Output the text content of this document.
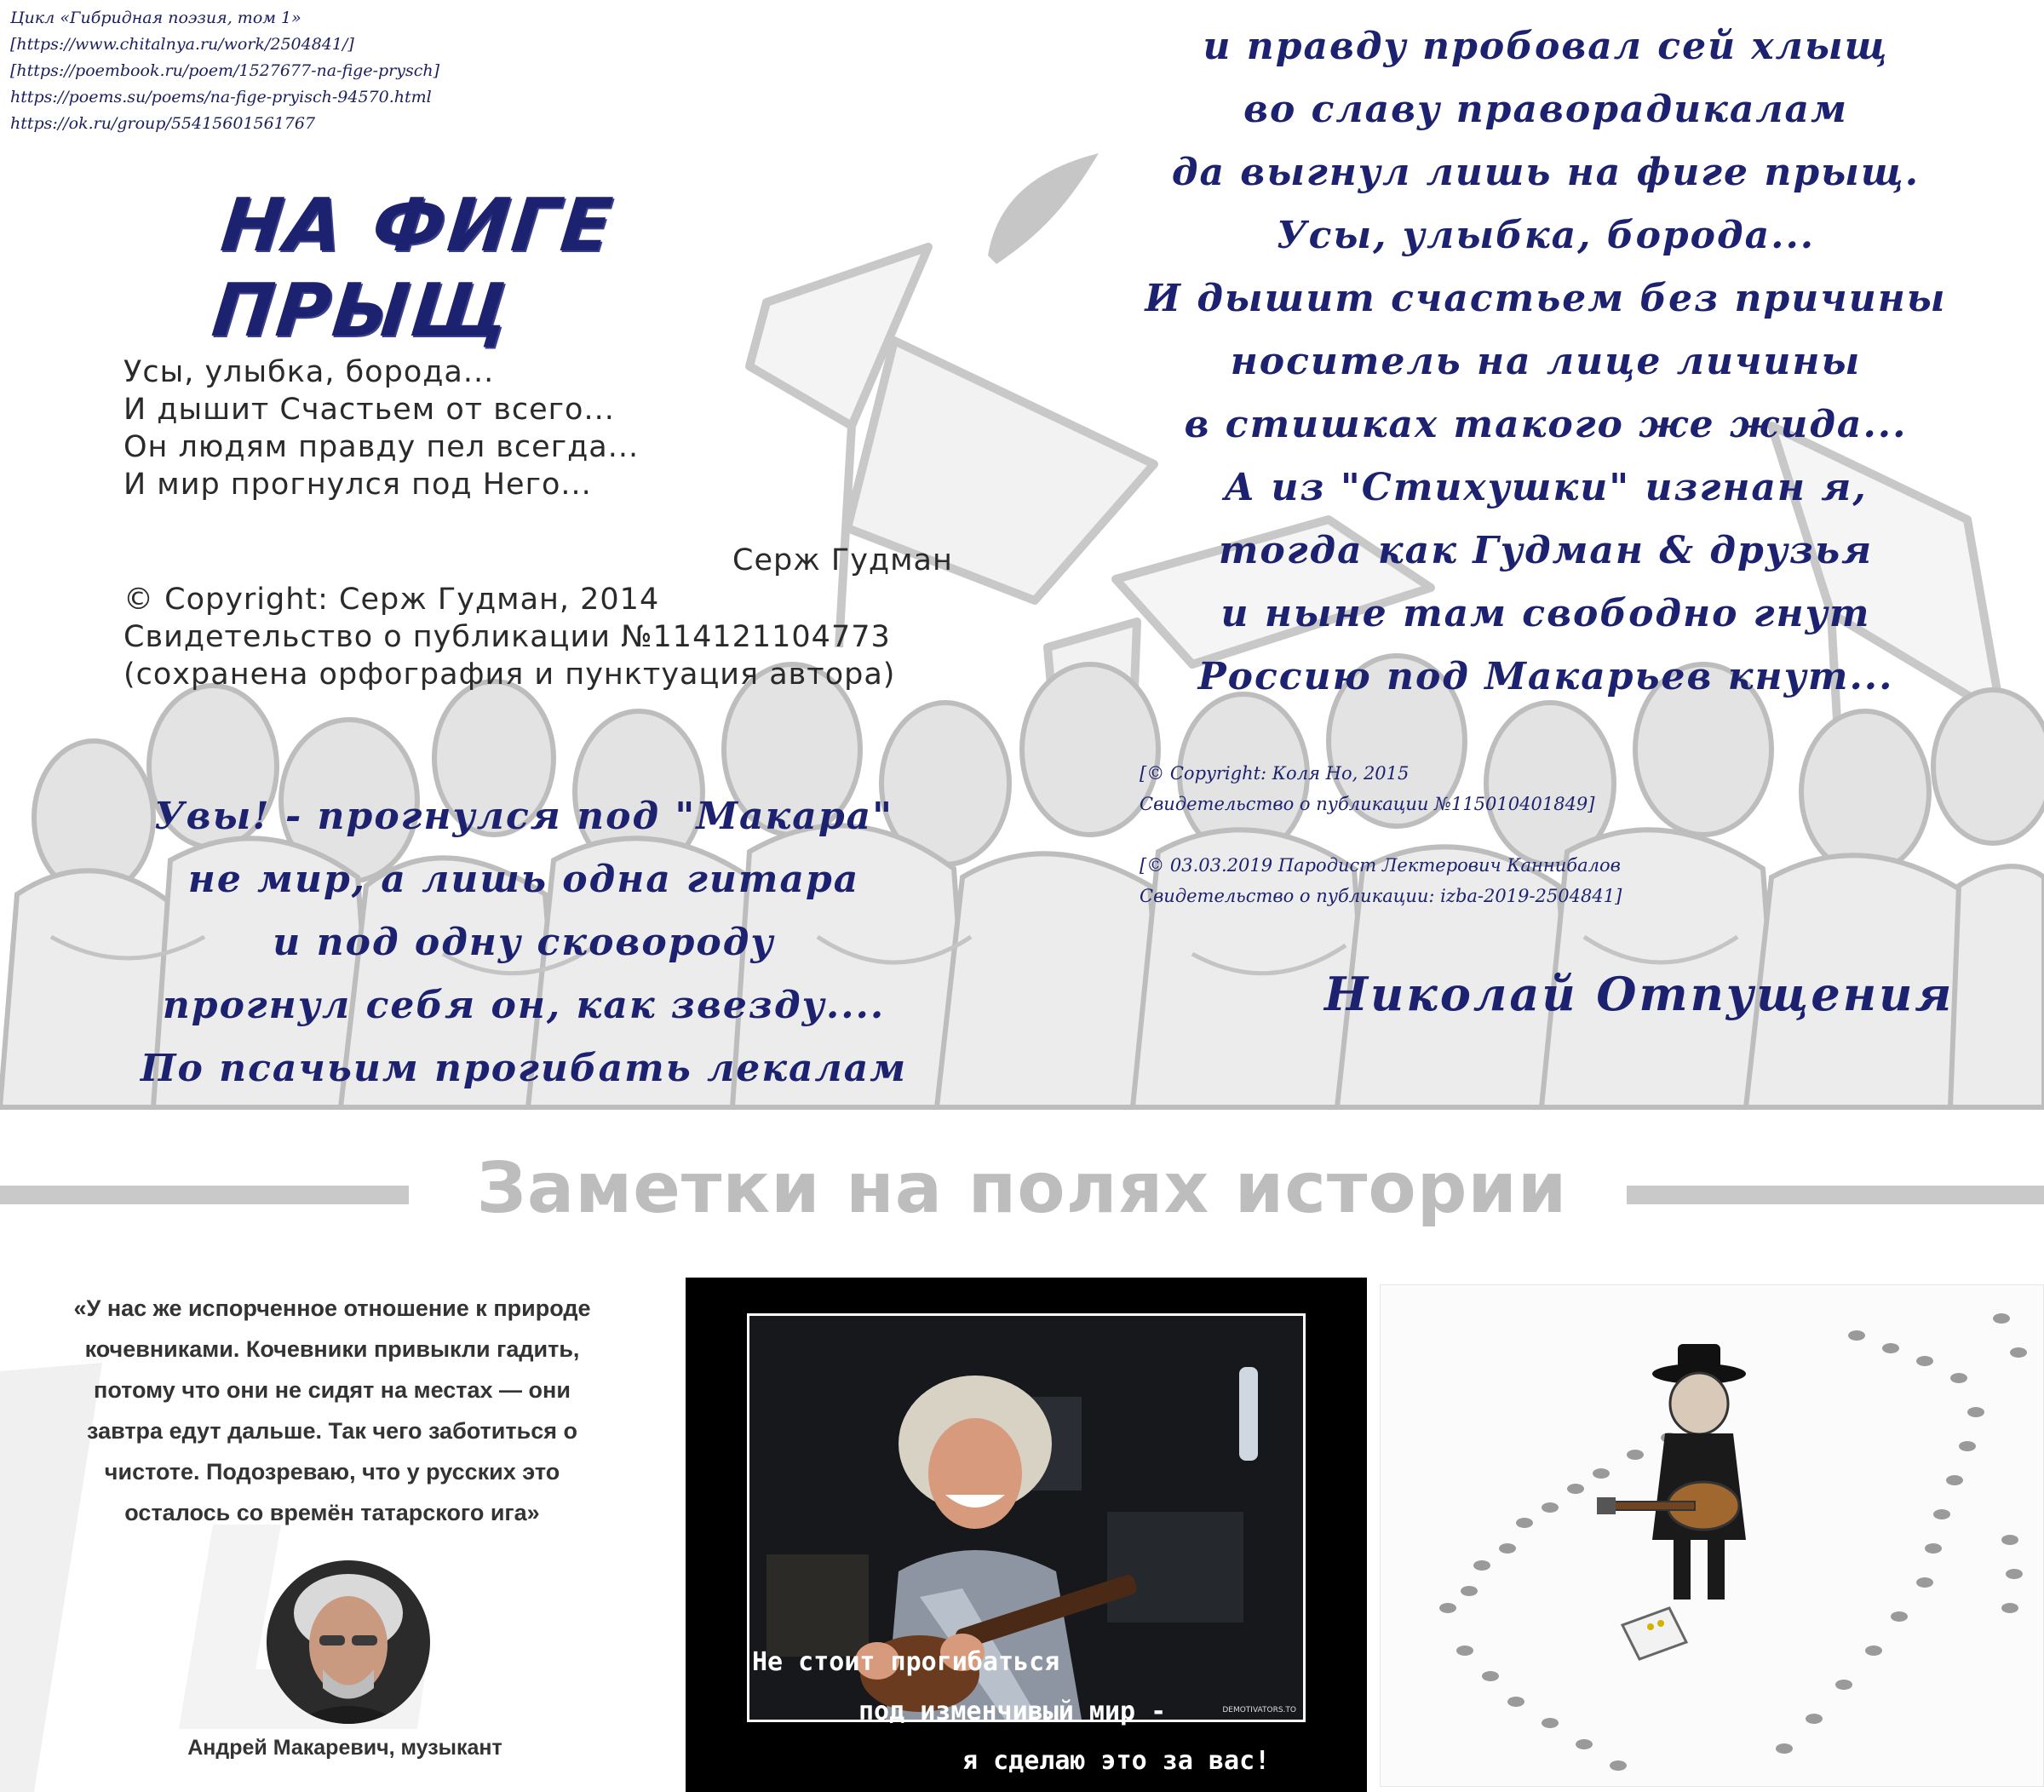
Цикл «Гибридная поэзия, том 1»
[https://www.chitalnya.ru/work/2504841/]
[https://poembook.ru/poem/1527677-na-fige-prysch]
https://poems.su/poems/na-fige-pryisch-94570.html
https://ok.ru/group/55415601561767
НА ФИГЕ ПРЫЩ
Усы, улыбка, борода...
И дышит Счастьем от всего...
Он людям правду пел всегда...
И мир прогнулся под Него...
Серж Гудман
© Copyright: Серж Гудман, 2014
Свидетельство о публикации №114121104773
(сохранена орфография и пунктуация автора)
Увы! - прогнулся под "Макара"
не мир, а лишь одна гитара
и под одну сковороду
прогнул себя он, как звезду....
По псачьим прогибать лекалам
и правду пробовал сей хлыщ
во славу праворадикалам
да выгнул лишь на фиге прыщ.
Усы, улыбка, борода...
И дышит счастьем без причины
носитель на лице личины
в стишках такого же жида...
А из "Стихушки" изгнан я,
тогда как Гудман & друзья
и ныне там свободно гнут
Россию под Макарьев кнут...
[© Copyright: Коля Но, 2015
Свидетельство о публикации №115010401849]
[© 03.03.2019 Пародист Лектерович Каннибалов
Свидетельство о публикации: izba-2019-2504841]
Николай Отпущения
Заметки на полях истории
«У нас же испорченное отношение к природе
кочевниками. Кочевники привыкли гадить,
потому что они не сидят на местах — они
завтра едут дальше. Так чего заботиться о
чистоте. Подозреваю, что у русских это
осталось со времён татарского ига»
Андрей Макаревич, музыкант
DEMOTIVATORS.TO
Не стоит прогибаться
под изменчивый мир -
я сделаю это за вас!
